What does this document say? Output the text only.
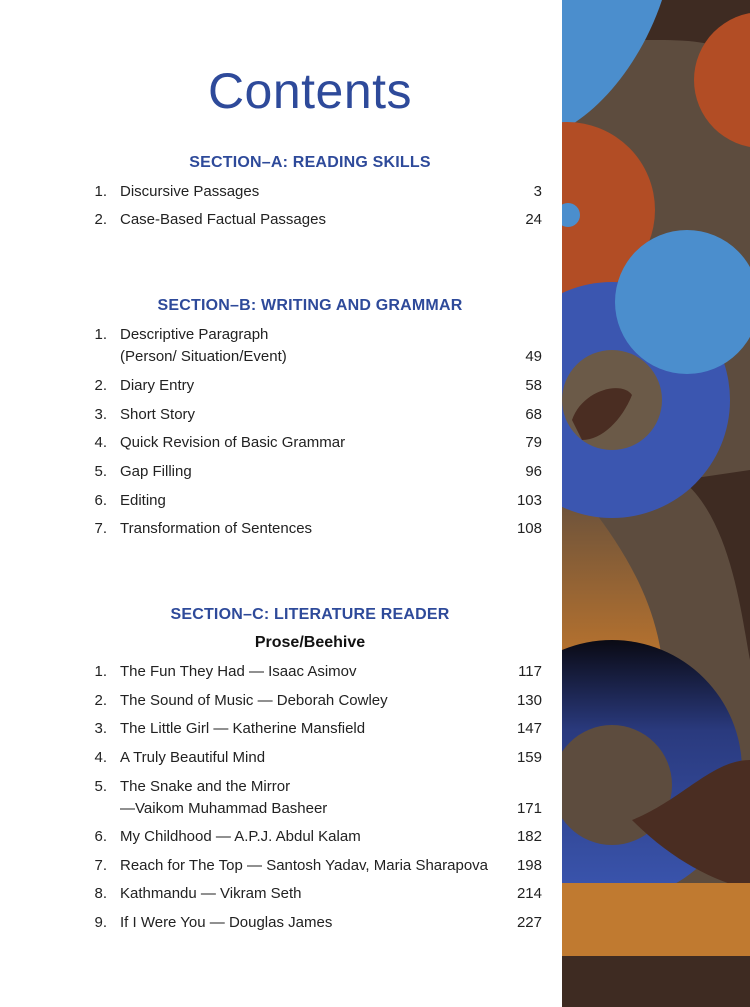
Contents
SECTION–A: READING SKILLS
1. Discursive Passages	3
2. Case-Based Factual Passages	24
SECTION–B: WRITING AND GRAMMAR
1. Descriptive Paragraph
(Person/ Situation/Event)	49
2. Diary Entry	58
3. Short Story	68
4. Quick Revision of Basic Grammar	79
5. Gap Filling	96
6. Editing	103
7. Transformation of Sentences	108
SECTION–C: LITERATURE READER
Prose/Beehive
1. The Fun They Had — Isaac Asimov	117
2. The Sound of Music — Deborah Cowley	130
3. The Little Girl — Katherine Mansfield	147
4. A Truly Beautiful Mind	159
5. The Snake and the Mirror
—Vaikom Muhammad Basheer	171
6. My Childhood — A.P.J. Abdul Kalam	182
7. Reach for The Top — Santosh Yadav, Maria Sharapova 198
8. Kathmandu — Vikram Seth	214
9. If I Were You — Douglas James	227
